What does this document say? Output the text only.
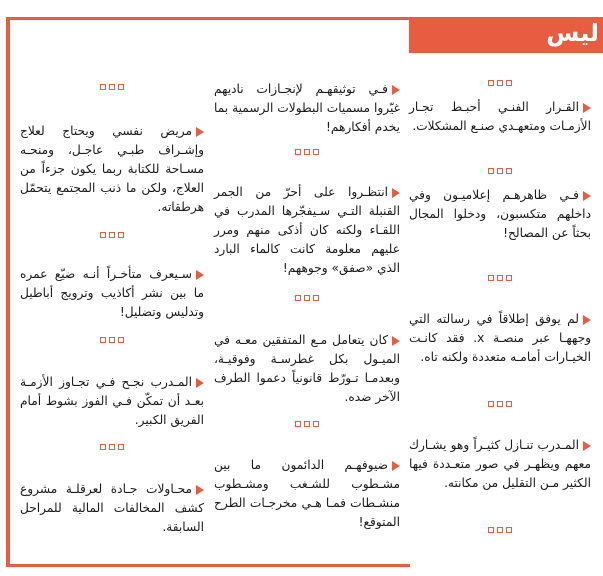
ليس

القـرار الفنـي أحبـط تجـار الأزمـات ومتعهـدي صنـع المشكلات.

فـي ظاهرهـم إعلاميـون وفي داخلهم متكسبون، ودخلوا المجال بحثاً عن المصالح!

لم يوفق إطلاقاً في رسالته التي وجههـا عبر منصـة x. فقد كانـت الخيـارات أمامـه متعددة ولكنه تاه.

المـدرب تنـازل كثيـراً وهو يشـارك معهم ويظهـر في صور متعـددة فيها الكثير مـن التقليل من مكانته.

فـي توثيقهـم لإنجـازات ناديهم غيّروا مسميات البطولات الرسمية بما يخدم أفكارهم!

انتظـروا على أحرّ من الجمر القنبلة التـي سـيفجّرها المدرب في اللقـاء ولكنه كان أذكى منهم ومرر عليهم معلومة كانت كالماء البارد الذي «صفق» وجوههم!

كان يتعامل مـع المتفقين معـه في الميـول بكل غطرسـة وفوقيـة، وبعدمـا تـورّط قانونياً دعموا الطرف الآخر ضده.

ضيوفهـم الدائمون ما بين مشـطوب للشـغب ومشـطوب منشـطات فمـا هـي مخرجـات الطرح المتوقع!

مريض نفسي ويحتاج لعلاج وإشـراف طبـي عاجـل، ومنحـه مسـاحة للكتابة ربما يكون جزءاً من العلاج، ولكن ما ذنب المجتمع يتحمّل هرطقاته.

سـيعرف متأخـراً أنـه ضيّع عمره ما بين نشر أكاذيب وترويج أباطيل وتدليس وتضليل!

المـدرب نجـح فـي تجـاوز الأزمـة بعـد أن تمكّن فـي الفوز بشوط أمام الفريق الكبير.

محـاولات جـادة لعرقلـة مشروع كشف المخالفات المالية للمراحل السابقة.
